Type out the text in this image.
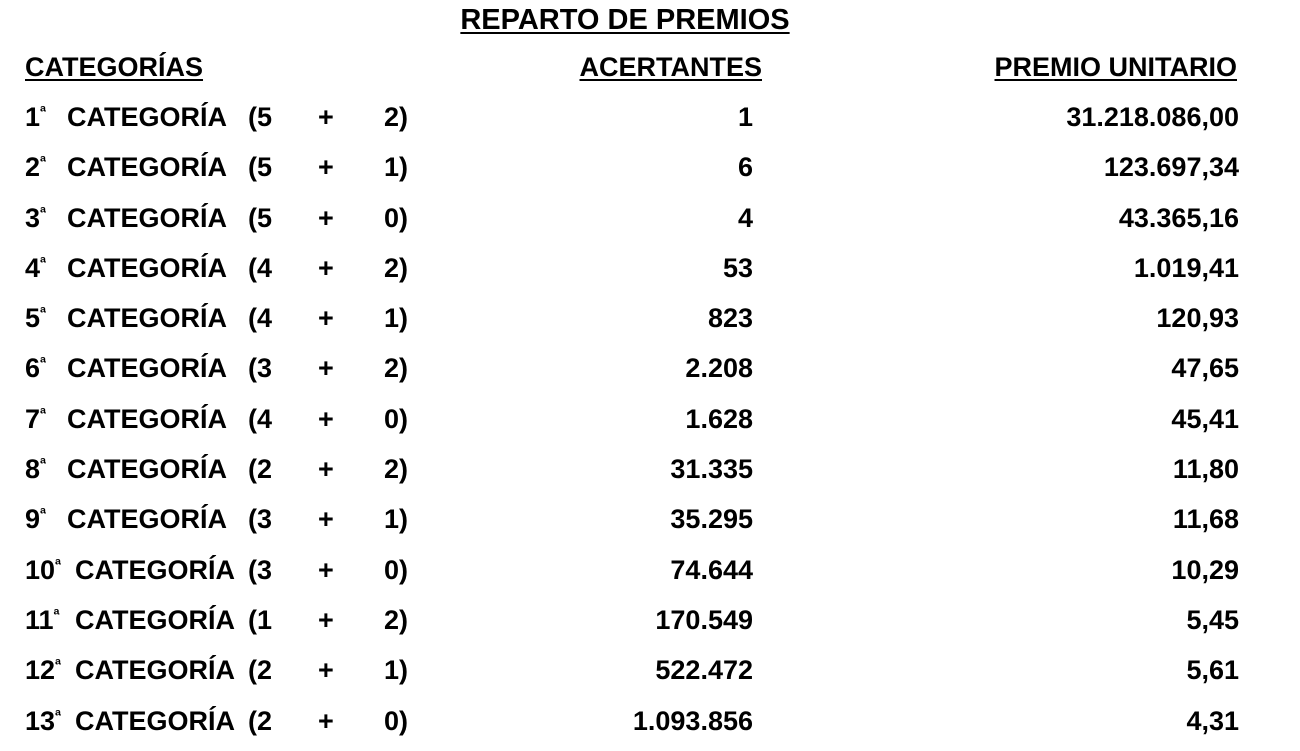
REPARTO DE PREMIOS
CATEGORÍAS	ACERTANTES	PREMIO UNITARIO
$1^ª$ CATEGORÍA (5 + 2)	1	31.218.086,00
$2^ª$ CATEGORÍA (5 + 1)	6	123.697,34
$3^ª$ CATEGORÍA (5 + 0)	4	43.365,16
$4^ª$ CATEGORÍA (4 + 2)	53	1.019,41
$5^ª$ CATEGORÍA (4 + 1)	823	120,93
$6^ª$ CATEGORÍA (3 + 2)	2.208	47,65
$7^ª$ CATEGORÍA (4 + 0)	1.628	45,41
$8^ª$ CATEGORÍA (2 + 2)	31.335	11,80
$9^ª$ CATEGORÍA (3 + 1)	35.295	11,68
$10^ª$ CATEGORÍA (3 + 0)	74.644	10,29
$11^ª$ CATEGORÍA (1 + 2)	170.549	5,45
$12^ª$ CATEGORÍA (2 + 1)	522.472	5,61
$13^ª$ CATEGORÍA (2 + 0)	1.093.856	4,31
